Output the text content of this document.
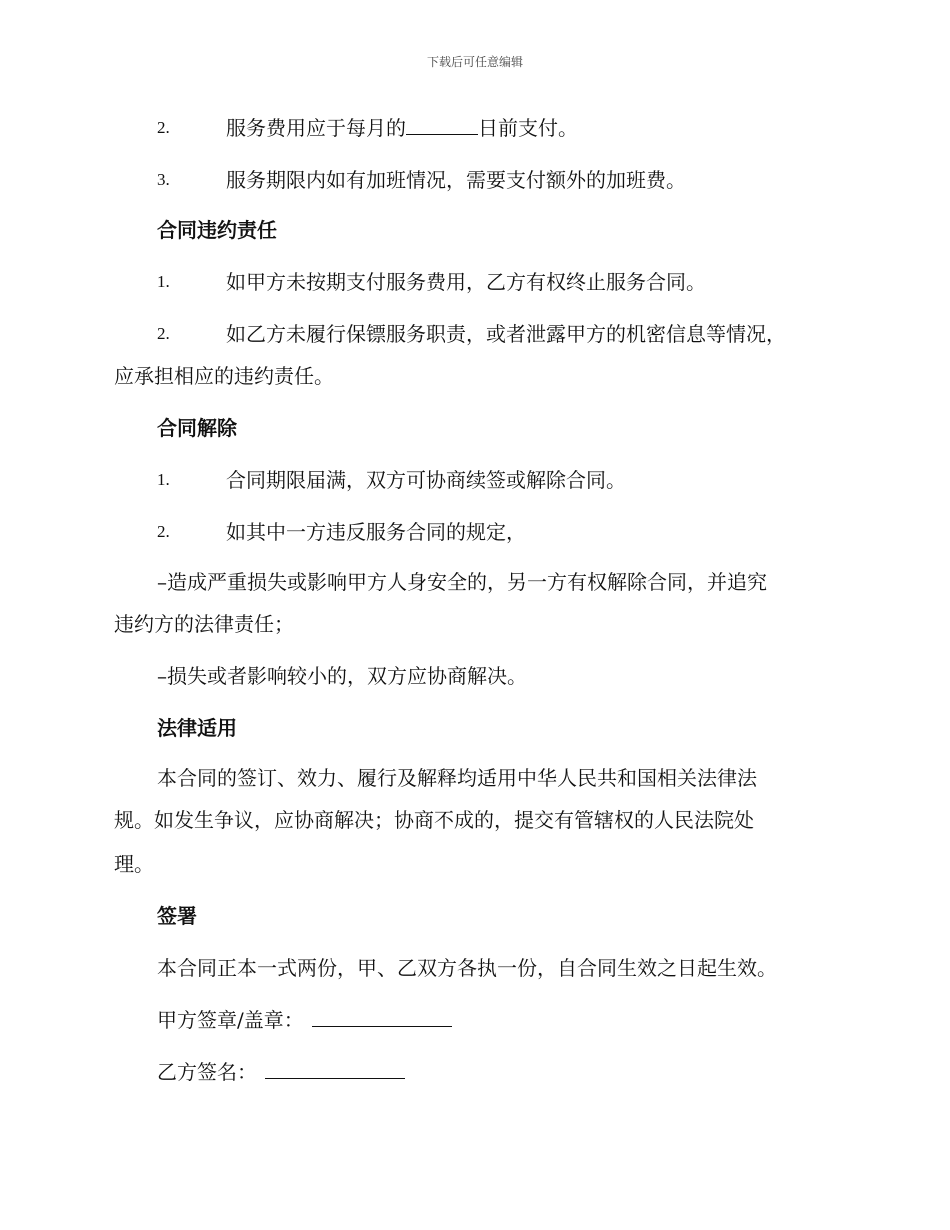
下载后可任意编辑
2.	服务费用应于每月的	日前支付。
3.	服务期限内如有加班情况，需要支付额外的加班费。
合同违约责任
1.	如甲方未按期支付服务费用，乙方有权终止服务合同。
2.	如乙方未履行保镖服务职责，或者泄露甲方的机密信息等情况，
应承担相应的违约责任。
合同解除
1.	合同期限届满，双方可协商续签或解除合同。
2.	如其中一方违反服务合同的规定，
–造成严重损失或影响甲方人身安全的，另一方有权解除合同，并追究
违约方的法律责任；
–损失或者影响较小的，双方应协商解决。
法律适用
本合同的签订、效力、履行及解释均适用中华人民共和国相关法律法
规。如发生争议，应协商解决；协商不成的，提交有管辖权的人民法院处
理。
签署
本合同正本一式两份，甲、乙双方各执一份，自合同生效之日起生效。
甲方签章/盖章：
乙方签名：
